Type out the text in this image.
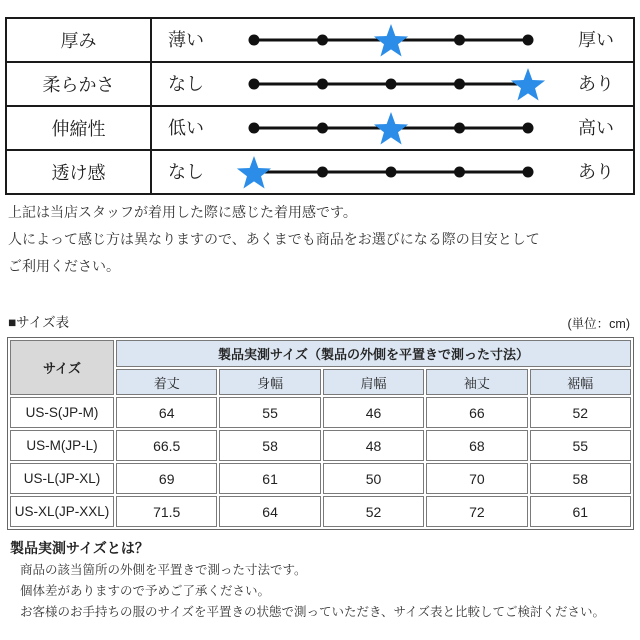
厚み	薄い 厚い

柔らかさ	なし あり

伸縮性	低い 高い

透け感	なし あり
上記は当店スタッフが着用した際に感じた着用感です。
人によって感じ方は異なりますので、あくまでも商品をお選びになる際の目安として
ご利用ください。
■サイズ表	(単位：cm)
サイズ	製品実測サイズ（製品の外側を平置きで測った寸法）				
	着丈	身幅	肩幅	袖丈	裾幅
US-S(JP-M)	64	55	46	66	52
US-M(JP-L)	66.5	58	48	68	55
US-L(JP-XL)	69	61	50	70	58
US-XL(JP-XXL)	71.5	64	52	72	61
製品実測サイズとは？
商品の該当箇所の外側を平置きで測った寸法です。
個体差がありますので予めご了承ください。
お客様のお手持ちの服のサイズを平置きの状態で測っていただき、サイズ表と比較してご検討ください。
